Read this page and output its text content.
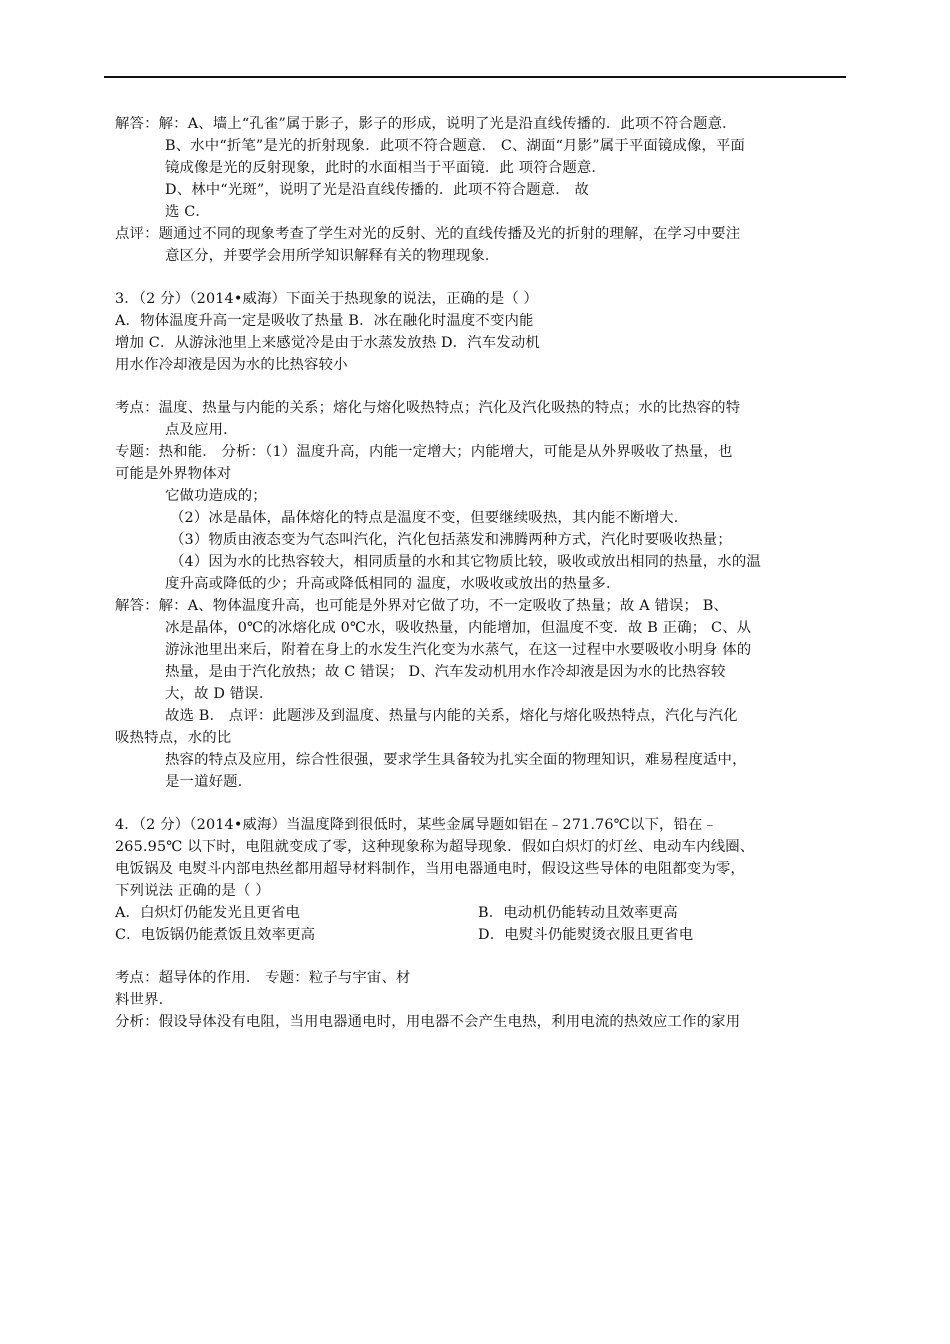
解答：解：A、墙上“孔雀”属于影子，影子的形成，说明了光是沿直线传播的．此项不符合题意．
B、水中“折笔”是光的折射现象．此项不符合题意． C、湖面“月影”属于平面镜成像，平面
镜成像是光的反射现象，此时的水面相当于平面镜．此 项符合题意．
D、林中“光斑”，说明了光是沿直线传播的．此项不符合题意． 故
选 C．
点评：题通过不同的现象考查了学生对光的反射、光的直线传播及光的折射的理解，在学习中要注
意区分，并要学会用所学知识解释有关的物理现象．
3．（2 分）（2014•威海）下面关于热现象的说法，正确的是（ ）
A．物体温度升高一定是吸收了热量 B．冰在融化时温度不变内能
增加 C．从游泳池里上来感觉冷是由于水蒸发放热 D．汽车发动机
用水作冷却液是因为水的比热容较小
考点：温度、热量与内能的关系；熔化与熔化吸热特点；汽化及汽化吸热的特点；水的比热容的特
点及应用．
专题：热和能． 分析：（1）温度升高，内能一定增大；内能增大，可能是从外界吸收了热量，也
可能是外界物体对
它做功造成的；
（2）冰是晶体，晶体熔化的特点是温度不变，但要继续吸热，其内能不断增大．
（3）物质由液态变为气态叫汽化，汽化包括蒸发和沸腾两种方式，汽化时要吸收热量；
（4）因为水的比热容较大，相同质量的水和其它物质比较，吸收或放出相同的热量，水的温
度升高或降低的少；升高或降低相同的 温度，水吸收或放出的热量多．
解答：解：A、物体温度升高，也可能是外界对它做了功，不一定吸收了热量；故 A 错误； B、
冰是晶体，0℃的冰熔化成 0℃水，吸收热量，内能增加，但温度不变．故 B 正确； C、从
游泳池里出来后，附着在身上的水发生汽化变为水蒸气，在这一过程中水要吸收小明身 体的
热量，是由于汽化放热；故 C 错误； D、汽车发动机用水作冷却液是因为水的比热容较
大，故 D 错误．
故选 B． 点评：此题涉及到温度、热量与内能的关系，熔化与熔化吸热特点，汽化与汽化
吸热特点，水的比
热容的特点及应用，综合性很强，要求学生具备较为扎实全面的物理知识，难易程度适中，
是一道好题．
4．（2 分）（2014•威海）当温度降到很低时，某些金属导题如铝在﹣271.76℃以下，铅在﹣
265.95℃ 以下时，电阻就变成了零，这种现象称为超导现象．假如白炽灯的灯丝、电动车内线圈、
电饭锅及 电熨斗内部电热丝都用超导材料制作，当用电器通电时，假设这些导体的电阻都变为零，
下列说法 正确的是（ ）
A．白炽灯仍能发光且更省电	B．电动机仍能转动且效率更高
C．电饭锅仍能煮饭且效率更高	D．电熨斗仍能熨烫衣服且更省电
考点：超导体的作用． 专题：粒子与宇宙、材
料世界．
分析：假设导体没有电阻，当用电器通电时，用电器不会产生电热，利用电流的热效应工作的家用
